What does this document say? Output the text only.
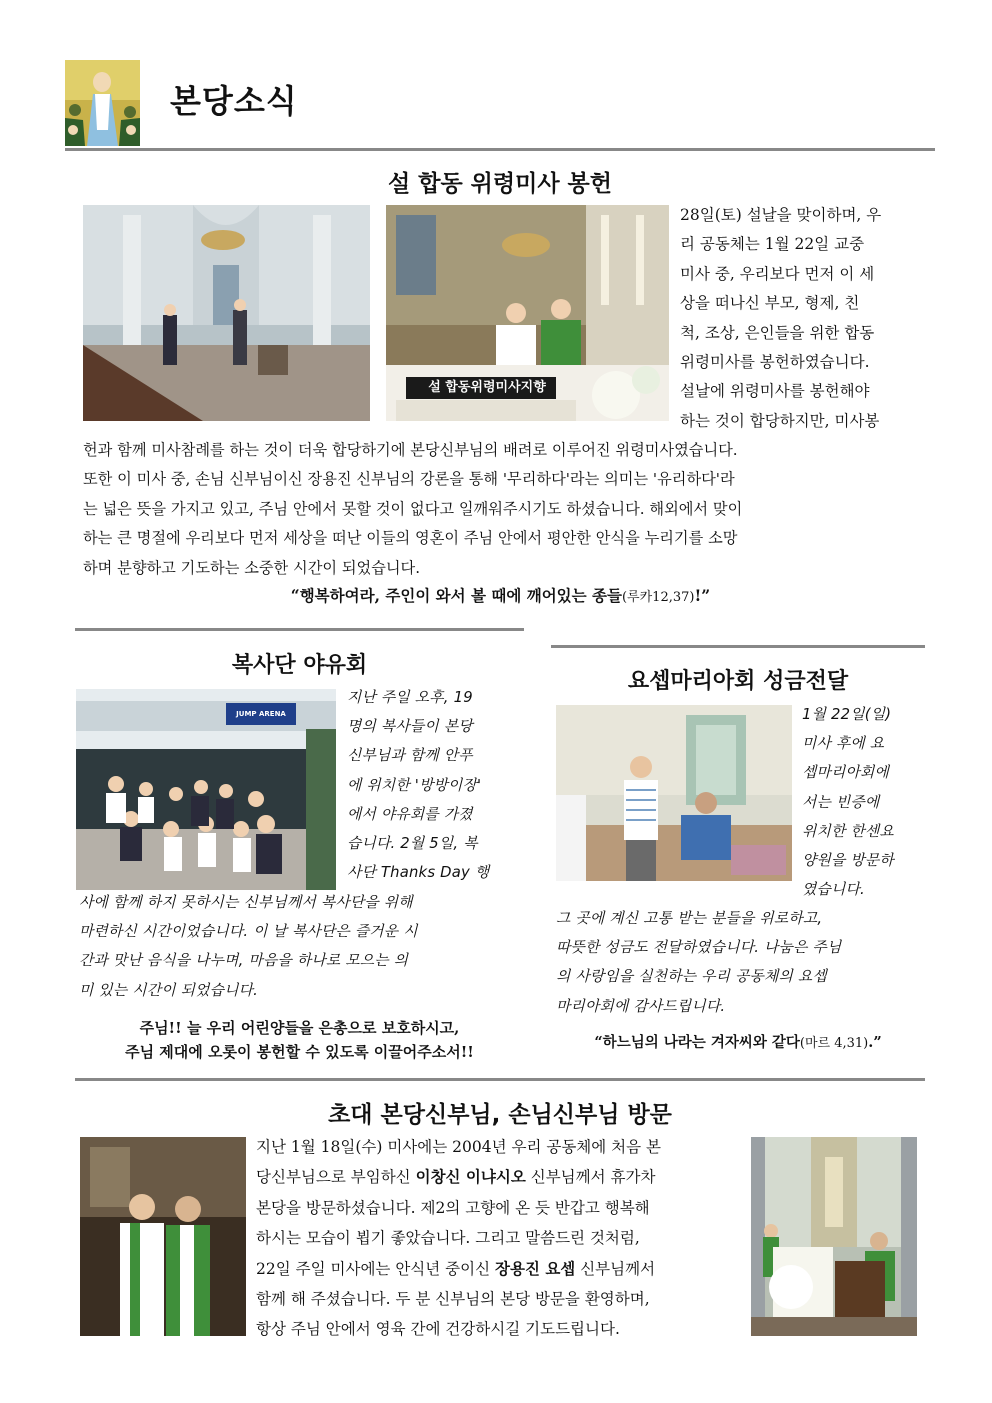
본당소식
설 합동 위령미사 봉헌
설 합동위령미사지향
28일(토) 설날을 맞이하며, 우
리 공동체는 1월 22일 교중
미사 중, 우리보다 먼저 이 세
상을 떠나신 부모, 형제, 친
척, 조상, 은인들을 위한 합동
위령미사를 봉헌하였습니다.
설날에 위령미사를 봉헌해야
하는 것이 합당하지만, 미사봉
헌과 함께 미사참례를 하는 것이 더욱 합당하기에 본당신부님의 배려로 이루어진 위령미사였습니다.
또한 이 미사 중, 손님 신부님이신 장용진 신부님의 강론을 통해 '무리하다'라는 의미는 '유리하다'라
는 넓은 뜻을 가지고 있고, 주님 안에서 못할 것이 없다고 일깨워주시기도 하셨습니다. 해외에서 맞이
하는 큰 명절에 우리보다 먼저 세상을 떠난 이들의 영혼이 주님 안에서 평안한 안식을 누리기를 소망
하며 분향하고 기도하는 소중한 시간이 되었습니다.
“행복하여라, 주인이 와서 볼 때에 깨어있는 종들(루카12,37)!”
복사단 야유회
JUMP ARENA
지난 주일 오후, 19
명의 복사들이 본당
신부님과 함께 안푸
에 위치한 '방방이장'
에서 야유회를 가졌
습니다. 2월 5일, 복
사단 Thanks Day 행
사에 함께 하지 못하시는 신부님께서 복사단을 위해
마련하신 시간이었습니다. 이 날 복사단은 즐거운 시
간과 맛난 음식을 나누며, 마음을 하나로 모으는 의
미 있는 시간이 되었습니다.
주님!! 늘 우리 어린양들을 은총으로 보호하시고,
주님 제대에 오롯이 봉헌할 수 있도록 이끌어주소서!!
요셉마리아회 성금전달
1월 22일(일)
미사 후에 요
셉마리아회에
서는 빈증에
위치한 한센요
양원을 방문하
였습니다.
그 곳에 계신 고통 받는 분들을 위로하고,
따뜻한 성금도 전달하였습니다. 나눔은 주님
의 사랑임을 실천하는 우리 공동체의 요셉
마리아회에 감사드립니다.
“하느님의 나라는 겨자씨와 같다(마르 4,31).”
초대 본당신부님, 손님신부님 방문
지난 1월 18일(수) 미사에는 2004년 우리 공동체에 처음 본
당신부님으로 부임하신 이창신 이냐시오 신부님께서 휴가차
본당을 방문하셨습니다. 제2의 고향에 온 듯 반갑고 행복해
하시는 모습이 뵙기 좋았습니다. 그리고 말씀드린 것처럼,
22일 주일 미사에는 안식년 중이신 장용진 요셉 신부님께서
함께 해 주셨습니다. 두 분 신부님의 본당 방문을 환영하며,
항상 주님 안에서 영육 간에 건강하시길 기도드립니다.
